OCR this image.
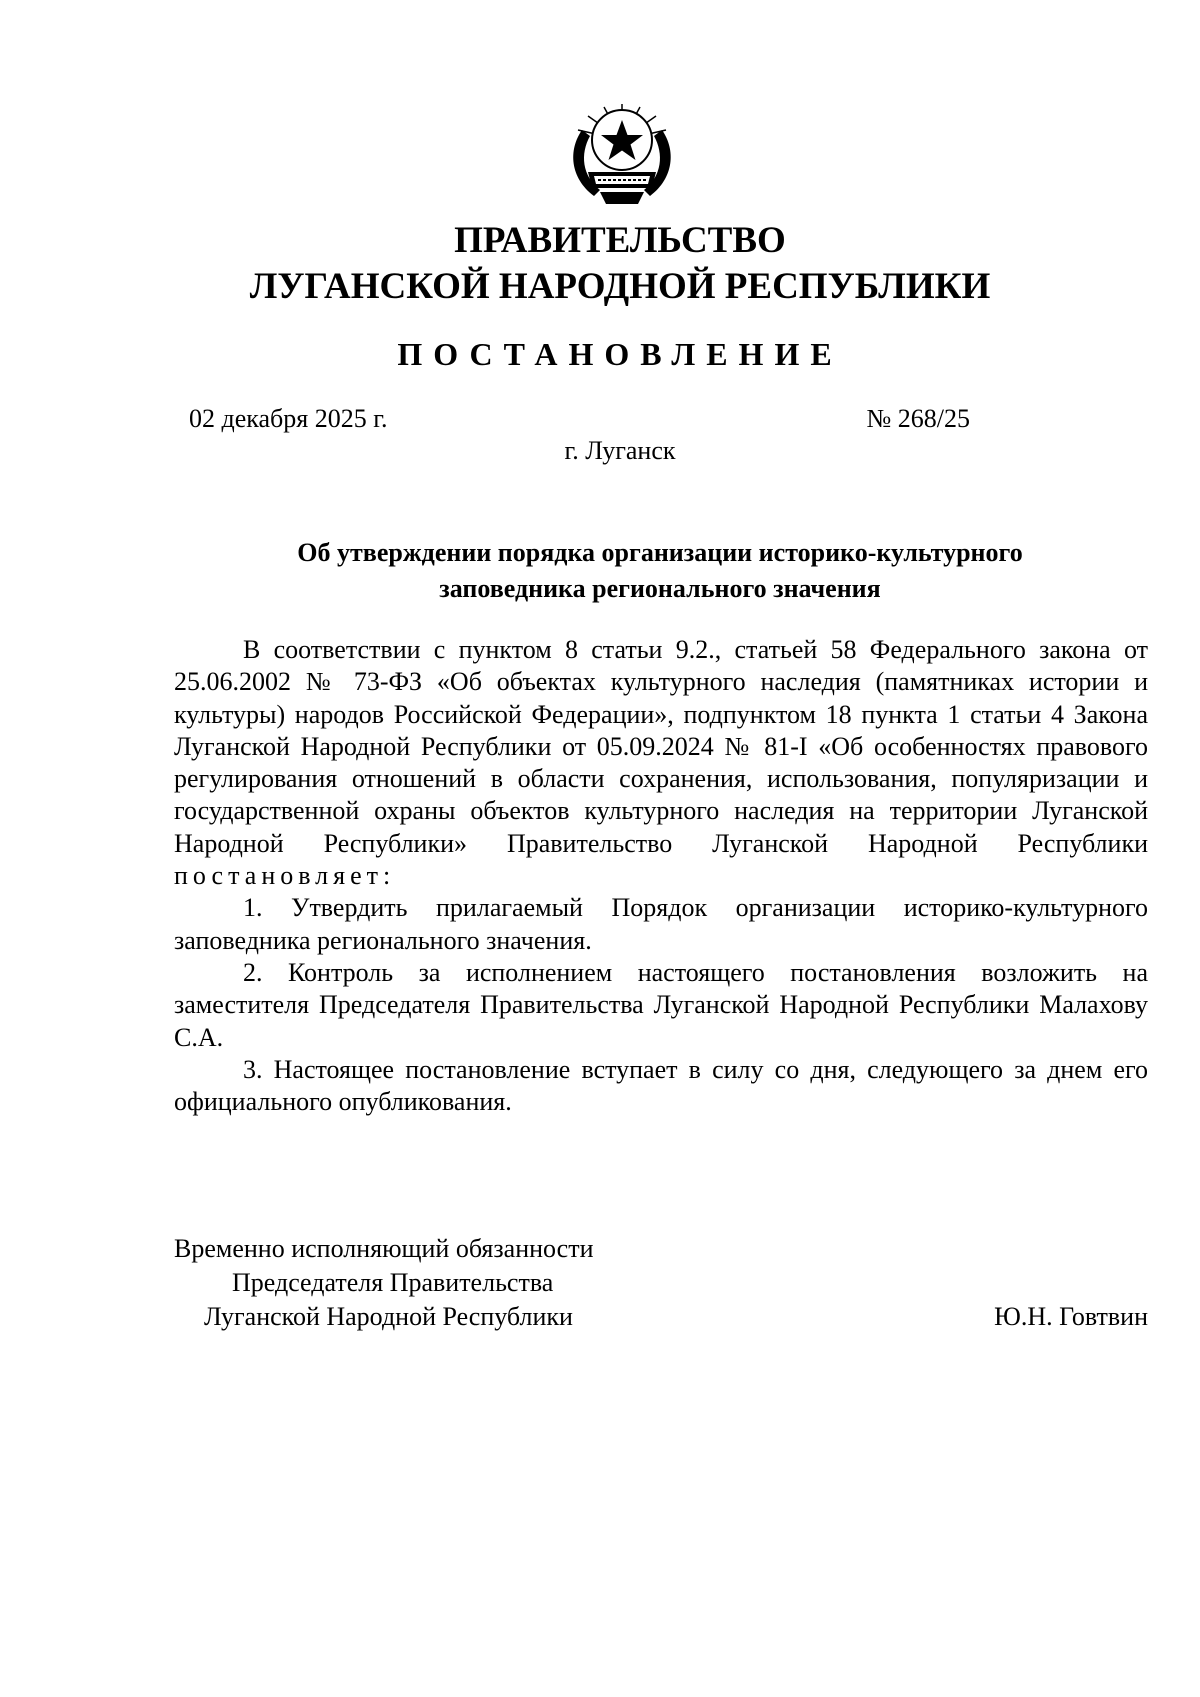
ПРАВИТЕЛЬСТВО
ЛУГАНСКОЙ НАРОДНОЙ РЕСПУБЛИКИ
ПОСТАНОВЛЕНИЕ
02 декабря 2025 г.	№ 268/25
г. Луганск
Об утверждении порядка организации историко-культурного
заповедника регионального значения

В соответствии с пунктом 8 статьи 9.2., статьей 58 Федерального закона от 25.06.2002 № 73-ФЗ «Об объектах культурного наследия (памятниках истории и культуры) народов Российской Федерации», подпунктом 18 пункта 1 статьи 4 Закона Луганской Народной Республики от 05.09.2024 № 81-I «Об особенностях правового регулирования отношений в области сохранения, использования, популяризации и государственной охраны объектов культурного наследия на территории Луганской Народной Республики» Правительство Луганской Народной Республики постановляет:

1. Утвердить прилагаемый Порядок организации историко-культурного заповедника регионального значения.

2. Контроль за исполнением настоящего постановления возложить на заместителя Председателя Правительства Луганской Народной Республики Малахову С.А.

3. Настоящее постановление вступает в силу со дня, следующего за днем его официального опубликования.

Временно исполняющий обязанности
Председателя Правительства
Луганской Народной Республики	Ю.Н. Говтвин
